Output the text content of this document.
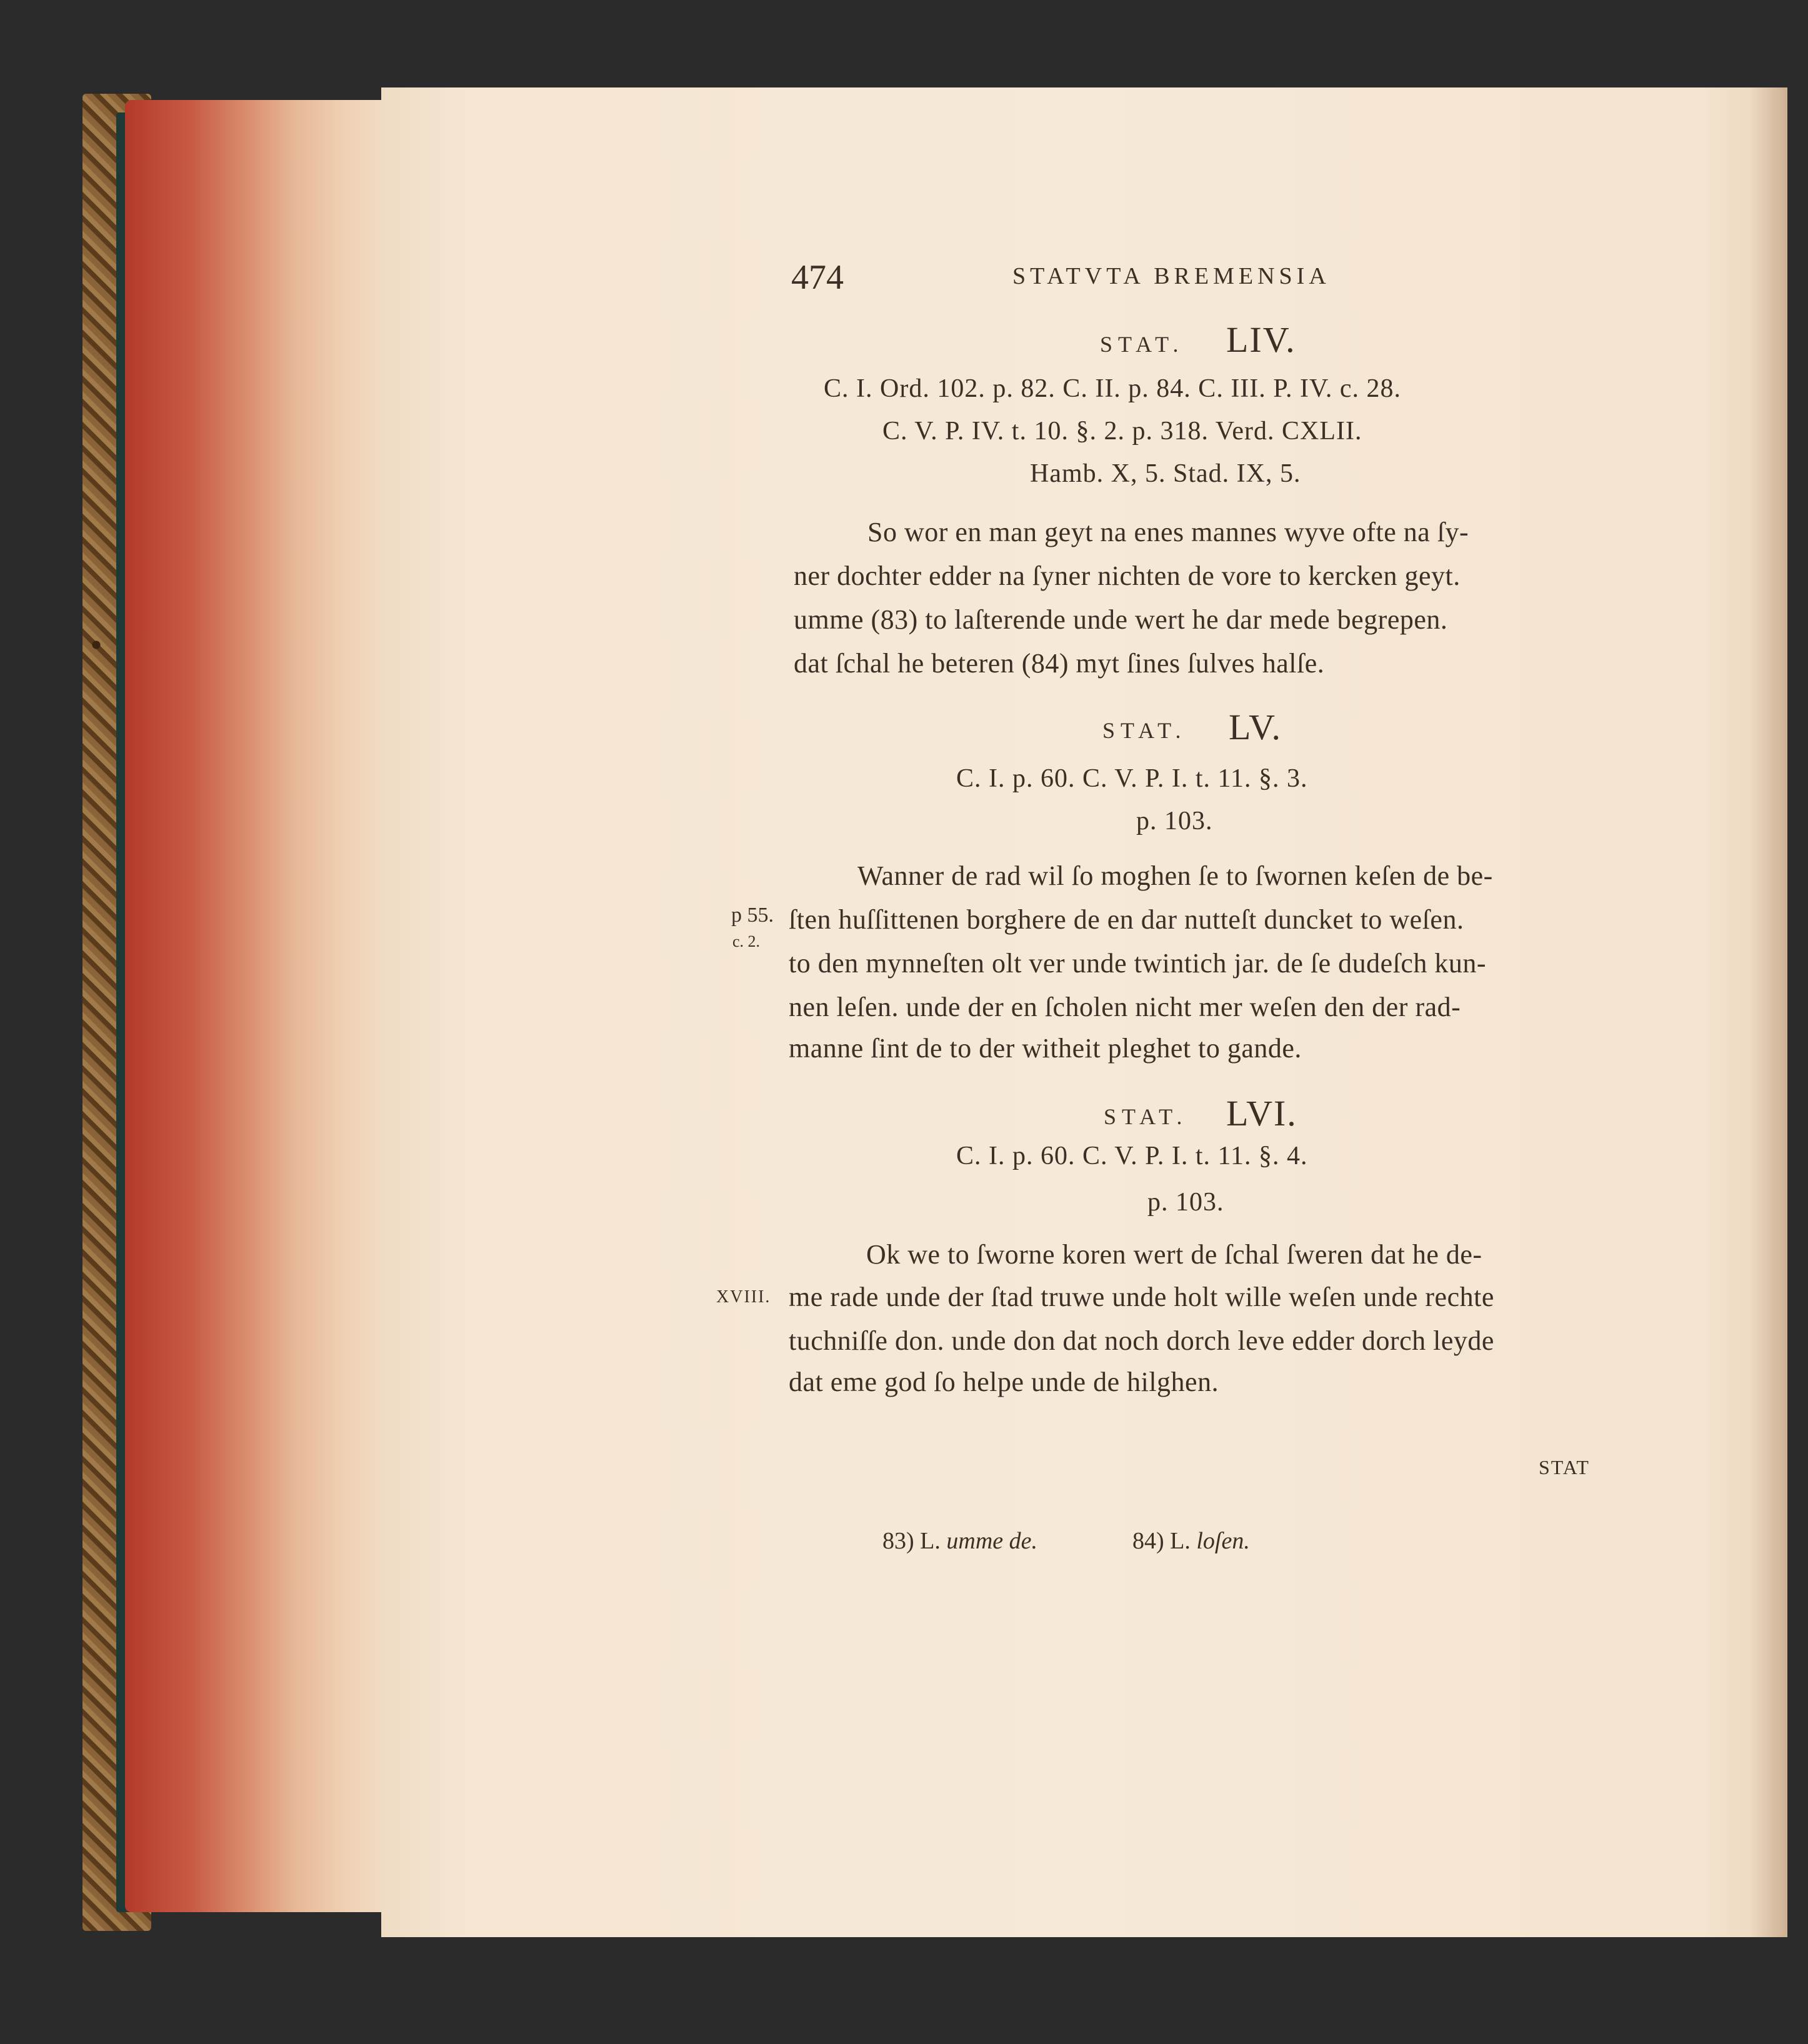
474	STATVTA BREMENSIA
STAT. LIV.
C. I. Ord. 102. p. 82. C. II. p. 84. C. III. P. IV. c. 28.
C. V. P. IV. t. 10. §. 2. p. 318. Verd. CXLII.
Hamb. X, 5. Stad. IX, 5.
So wor en man geyt na enes mannes wyve ofte na ſy-
ner dochter edder na ſyner nichten de vore to kercken geyt.
umme (83) to laſterende unde wert he dar mede begrepen.
dat ſchal he beteren (84) myt ſines ſulves halſe.
STAT. LV.
C. I. p. 60. C. V. P. I. t. 11. §. 3.
p. 103.
Wanner de rad wil ſo moghen ſe to ſwornen keſen de be-
p 55.
c. 2.
ſten huſſittenen borghere de en dar nutteſt duncket to weſen.
to den mynneſten olt ver unde twintich jar. de ſe dudeſch kun-
nen leſen. unde der en ſcholen nicht mer weſen den der rad-
manne ſint de to der witheit pleghet to gande.
STAT. LVI.
C. I. p. 60. C. V. P. I. t. 11. §. 4.
p. 103.
Ok we to ſworne koren wert de ſchal ſweren dat he de-
XVIII. me rade unde der ſtad truwe unde holt wille weſen unde rechte
tuchniſſe don. unde don dat noch dorch leve edder dorch leyde
dat eme god ſo helpe unde de hilghen.
STAT
83) L. umme de.	84) L. loſen.
